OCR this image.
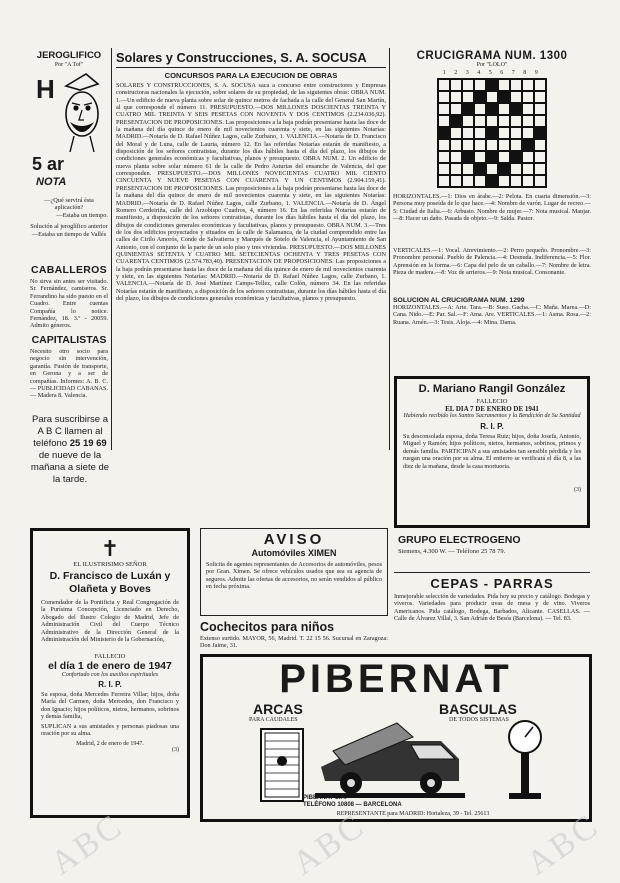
JEROGLIFICO
Por "A Tof"
H
5 ar
NOTA
—¿Qué servirá ésta aplicación?
—Estaba un tiempo.
Solución al jeroglífico anterior
—Estaba un tiempo de Vallés
CABALLEROS
No sirva sin antes ser visitado. Sr. Fernández, camiseros. Sr. Ferrandino ha sido puesto en el Cuadro. Entre cuentas Compañía lo notice. Fernández, 18. 3.º - 20059. Admito géneros.
CAPITALISTAS
Necesito otro socio para negocio sin intervención, garantía. Fusión de transporte, en Gerona y a ser de compañías. Informes: A. B. C. — PUBLICIDAD CABANAS. — Madera 8. Valencia.
Para suscribirse a A B C llamen al teléfono 25 19 69 de nueve de la mañana a siete de la tarde.
Solares y Construcciones, S. A. SOCUSA
CONCURSOS PARA LA EJECUCION DE OBRAS
SOLARES Y CONSTRUCCIONES, S. A. SOCUSA saca a concurso entre constructores y Empresas constructoras nacionales la ejecución, sobre solares de su propiedad, de las siguientes obras: OBRA NUM. 1.—Un edificio de nueva planta sobre solar de quince metros de fachada a la calle del General San Martín, al que corresponde el número 11. PRESUPUESTO.—DOS MILLONES DOSCIENTAS TREINTA Y CUATRO MIL TREINTA Y SEIS PESETAS CON NOVENTA Y DOS CENTIMOS (2.234.036,92). PRESENTACION DE PROPOSICIONES. Las proposiciones a la baja podrán presentarse hasta las doce de la mañana del día quince de enero de mil novecientos cuarenta y siete, en las siguientes Notarías: MADRID.—Notaría de D. Rafael Núñez Lagos, calle Zurbano, 1. VALENCIA.—Notaría de D. Francisco del Moral y de Luna, calle de Lauria, número 12. En las referidas Notarías estarán de manifiesto, a disposición de los señores contratistas, durante los días hábiles hasta el día del plazo, los dibujos de condiciones generales económicas y facultativas, planos y presupuesto. OBRA NUM. 2. Un edificio de nueva planta sobre solar número 61 de la calle de Pedro Asturias del ensanche de Valencia, del que corresponden. PRESUPUESTO.—DOS MILLONES NOVECIENTAS CUATRO MIL CIENTO CINCUENTA Y NUEVE PESETAS CON CUARENTA Y UN CENTIMOS (2.904.159,41). PRESENTACION DE PROPOSICIONES. Las proposiciones a la baja podrán presentarse hasta las doce de la mañana del día quince de enero de mil novecientos cuarenta y siete, en las siguientes Notarías: MADRID.—Notaría de D. Rafael Núñez Lagos, calle Zurbano, 1. VALENCIA.—Notaría de D. Ángel Romero Cerdeiriña, calle del Arzobispo Cuadros, 4, número 16. En las referidas Notarías estarán de manifiesto, a disposición de los señores contratistas, durante los días hábiles hasta el día del plazo, los dibujos de condiciones generales económicas y facultativas, planos y presupuesto. OBRA NUM. 3.—Tres de los dos edificios proyectados y situados en la calle de Salamanca, de la ciudad comprendido entre las calles de Cirilo Amorós, Conde de Salvatierra y Marqués de Sotelo de Valencia, el Ayuntamiento de San Antonio, con el conjunto de la parte de un solo piso y tres viviendas. PRESUPUESTO.—DOS MILLONES QUINIENTAS SETENTA Y CUATRO MIL SETECIENTAS OCHENTA Y TRES PESETAS CON CUARENTA CENTIMOS (2.574.783,40). PRESENTACION DE PROPOSICIONES. Las proposiciones a la baja podrán presentarse hasta las doce de la mañana del día quince de enero de mil novecientos cuarenta y siete, en las siguientes Notarías: MADRID.—Notaría de D. Rafael Núñez Lagos, calle Zurbano, 1. VALENCIA.—Notaría de D. José Martínez Camps-Tellez, calle Colón, número 34. En las referidas Notarías estarán de manifiesto, a disposición de los señores contratistas, durante los días hábiles hasta el día del plazo, los dibujos de condiciones generales económicas y facultativas, planos y presupuesto.
CRUCIGRAMA NUM. 1300
Por "LOLO"
1 2 3 4 5 6 7 8 9
HORIZONTALES.—1: Dios en árabe.—2: Pelota. En cuarta dimensión.—3: Persona muy poseída de lo que hace.—4: Nombre de varón. Lugar de recreo.—5: Ciudad de Italia.—6: Arbusto. Nombre de mujer.—7: Nota musical. Manjar.—8: Hacer un daño. Pasada de objeto.—9: Salda. Pastor.
VERTICALES.—1: Vocal. Atrevimiento.—2: Perro pequeño. Pronombre.—3: Pronombre personal. Pueblo de Palencia.—4: Desnuda. Indiferencia.—5: Flor. Aprensión en la forma.—6: Capa del pelo de un caballo.—7: Nombre de letra. Pieza de madera.—8: Voz de arrieros.—9: Nota musical. Consonante.
SOLUCION AL CRUCIGRAMA NUM. 1299
HORIZONTALES.—A: Arte. Tara.—B: Suso. Gacha.—C: Maña. Marea.—D: Cana. Nido.—E: Par. Sal.—F: Ama. Are. VERTICALES.—1: Asma. Rosa.—2: Ruana. Amén.—3: Tesis. Aloja.—4: Mina. Dama.
D. Mariano Rangil González
FALLECIO
EL DIA 7 DE ENERO DE 1941
Habiendo recibido los Santos Sacramentos y la Bendición de Su Santidad
R. I. P.
Su desconsolada esposa, doña Teresa Ruiz; hijos, doña Josefa, Antonio, Miguel y Ramón; hijos políticos, nietos, hermanos, sobrinos, primos y demás familia. PARTICIPAN a sus amistades tan sensible pérdida y les ruegan una oración por su alma. El entierro se verificará el día 8, a las diez de la mañana, desde la casa mortuoria.
(3)
✝
EL ILUSTRISIMO SEÑOR
D. Francisco de Luxán y Olañeta y Boves
Comendador de la Pontificia y Real Congregación de la Purísima Concepción, Licenciado en Derecho, Abogado del Ilustre Colegio de Madrid, Jefe de Administración Civil del Cuerpo Técnico Administrativo de la Dirección General de la Administración del Ministerio de la Gobernación,
FALLECIO
el día 1 de enero de 1947
Confortado con los auxilios espirituales
R. I. P.
Su esposa, doña Mercedes Ferreira Villar; hijos, doña María del Carmen, doña Mercedes, don Francisco y don Ignacio; hijos políticos, nietos, hermanos, sobrinos y demás familia,
SUPLICAN a sus amistades y personas piadosas una oración por su alma.
Madrid, 2 de enero de 1947.
(3)
AVISO
Automóviles XIMEN
Solicita de agentes representantes de Accesorios de automóviles, pesos por Gran. Ximen. Se ofrece vehículos usados que sea su agencia de seguros. Admite las ofertas de accesorios, no serán vendidos al público en fecha próxima.
Cochecitos para niños
Extenso surtido. MAYOR, 56, Madrid. T. 22 15 56. Sucursal en Zaragoza: Don Jaime, 31.
GRUPO ELECTROGENO
Siemens, 4.300 W. — Teléfono 25 78 79.
CEPAS - PARRAS
Inmejorable selección de variedades. Pida hoy su precio y catálogo. Bodegas y viveros. Variedades para producir uvas de mesa y de vino. Viveros Americanos. Pida catálogo, Bodega, Barbados, Alicante. CASELLAS. — Calle de Álvarez Villal, 3. San Adrián de Besós (Barcelona). — Tel. 83.
PIBERNAT
ARCAS
PARA CAUDALES
BASCULAS
DE TODOS SISTEMAS
PIBERNAT S.A.
TELÉFONO 10808 — BARCELONA
REPRESENTANTE para MADRID: Hortaleza, 39 - Tel. 25613
ABC	ABC	ABC
